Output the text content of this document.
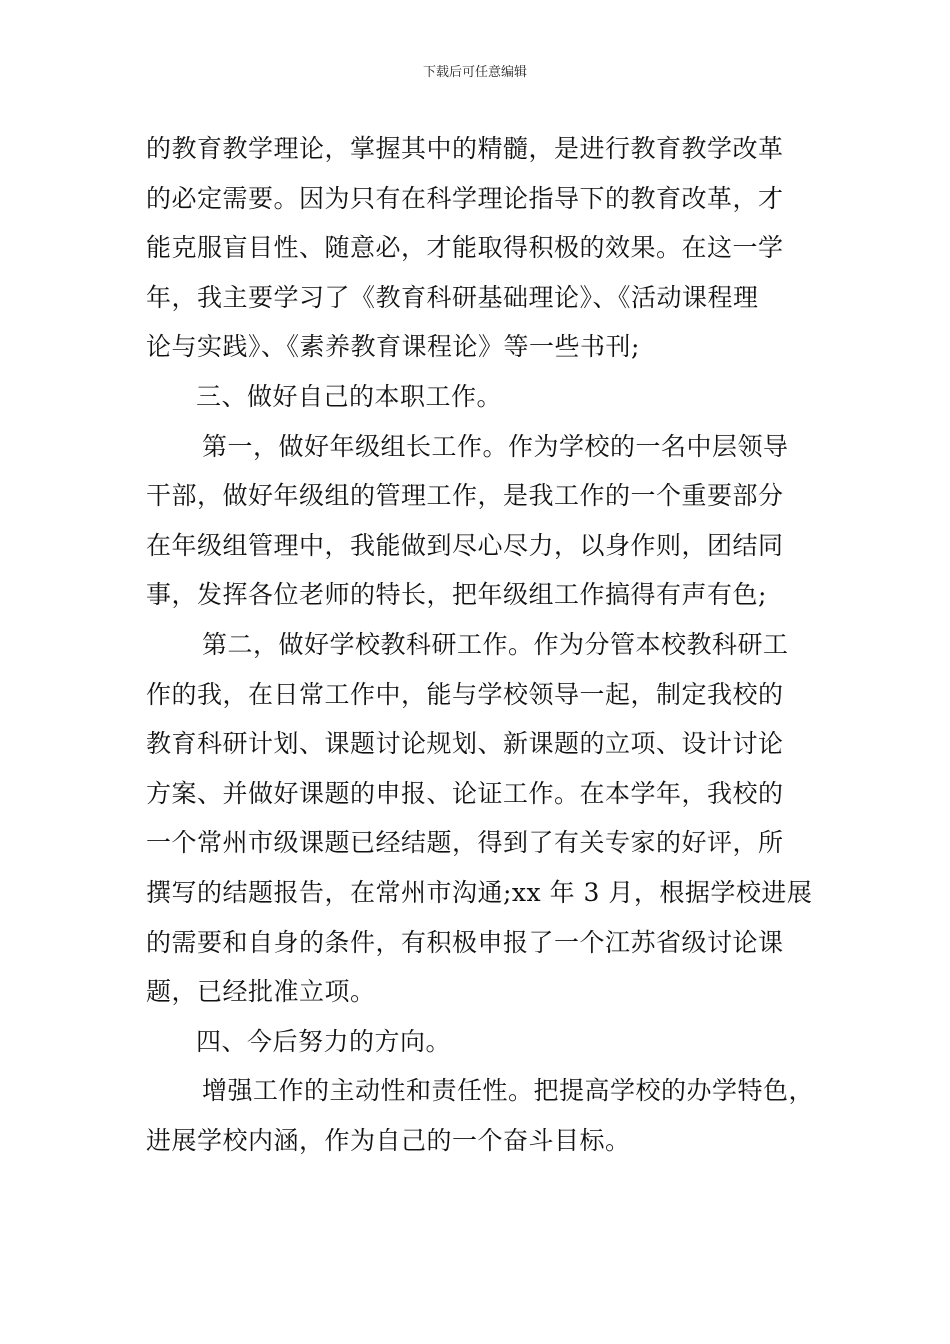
下载后可任意编辑
的教育教学理论，掌握其中的精髓，是进行教育教学改革
的必定需要。因为只有在科学理论指导下的教育改革，才
能克服盲目性、随意必，才能取得积极的效果。在这一学
年，我主要学习了《教育科研基础理论》、《活动课程理
论与实践》、《素养教育课程论》等一些书刊;
三、做好自己的本职工作。
第一，做好年级组长工作。作为学校的一名中层领导
干部，做好年级组的管理工作，是我工作的一个重要部分
在年级组管理中，我能做到尽心尽力，以身作则，团结同
事，发挥各位老师的特长，把年级组工作搞得有声有色;
第二，做好学校教科研工作。作为分管本校教科研工
作的我，在日常工作中，能与学校领导一起，制定我校的
教育科研计划、课题讨论规划、新课题的立项、设计讨论
方案、并做好课题的申报、论证工作。在本学年，我校的
一个常州市级课题已经结题，得到了有关专家的好评，所
撰写的结题报告，在常州市沟通;xx 年 3 月，根据学校进展
的需要和自身的条件，有积极申报了一个江苏省级讨论课
题，已经批准立项。
四、今后努力的方向。
增强工作的主动性和责任性。把提高学校的办学特色，
进展学校内涵，作为自己的一个奋斗目标。
